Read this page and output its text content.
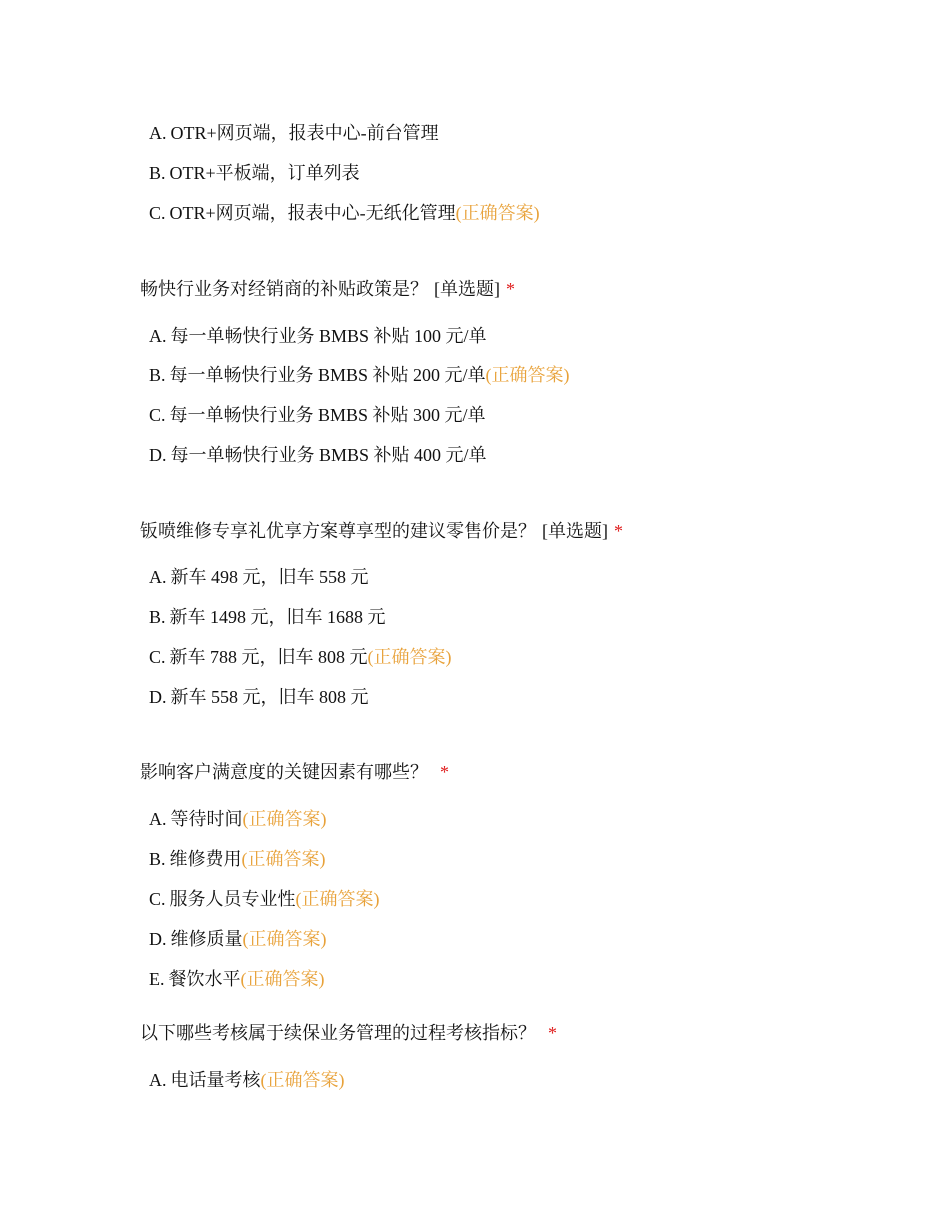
A. OTR+网页端，报表中心-前台管理
B. OTR+平板端，订单列表
C. OTR+网页端，报表中心-无纸化管理(正确答案)
畅快行业务对经销商的补贴政策是？ [单选题] *
A. 每一单畅快行业务 BMBS 补贴 100 元/单
B. 每一单畅快行业务 BMBS 补贴 200 元/单(正确答案)
C. 每一单畅快行业务 BMBS 补贴 300 元/单
D. 每一单畅快行业务 BMBS 补贴 400 元/单
钣喷维修专享礼优享方案尊享型的建议零售价是？ [单选题] *
A. 新车 498 元，旧车 558 元
B. 新车 1498 元，旧车 1688 元
C. 新车 788 元，旧车 808 元(正确答案)
D. 新车 558 元，旧车 808 元
影响客户满意度的关键因素有哪些？ *
A. 等待时间(正确答案)
B. 维修费用(正确答案)
C. 服务人员专业性(正确答案)
D. 维修质量(正确答案)
E. 餐饮水平(正确答案)
以下哪些考核属于续保业务管理的过程考核指标？ *
A. 电话量考核(正确答案)
